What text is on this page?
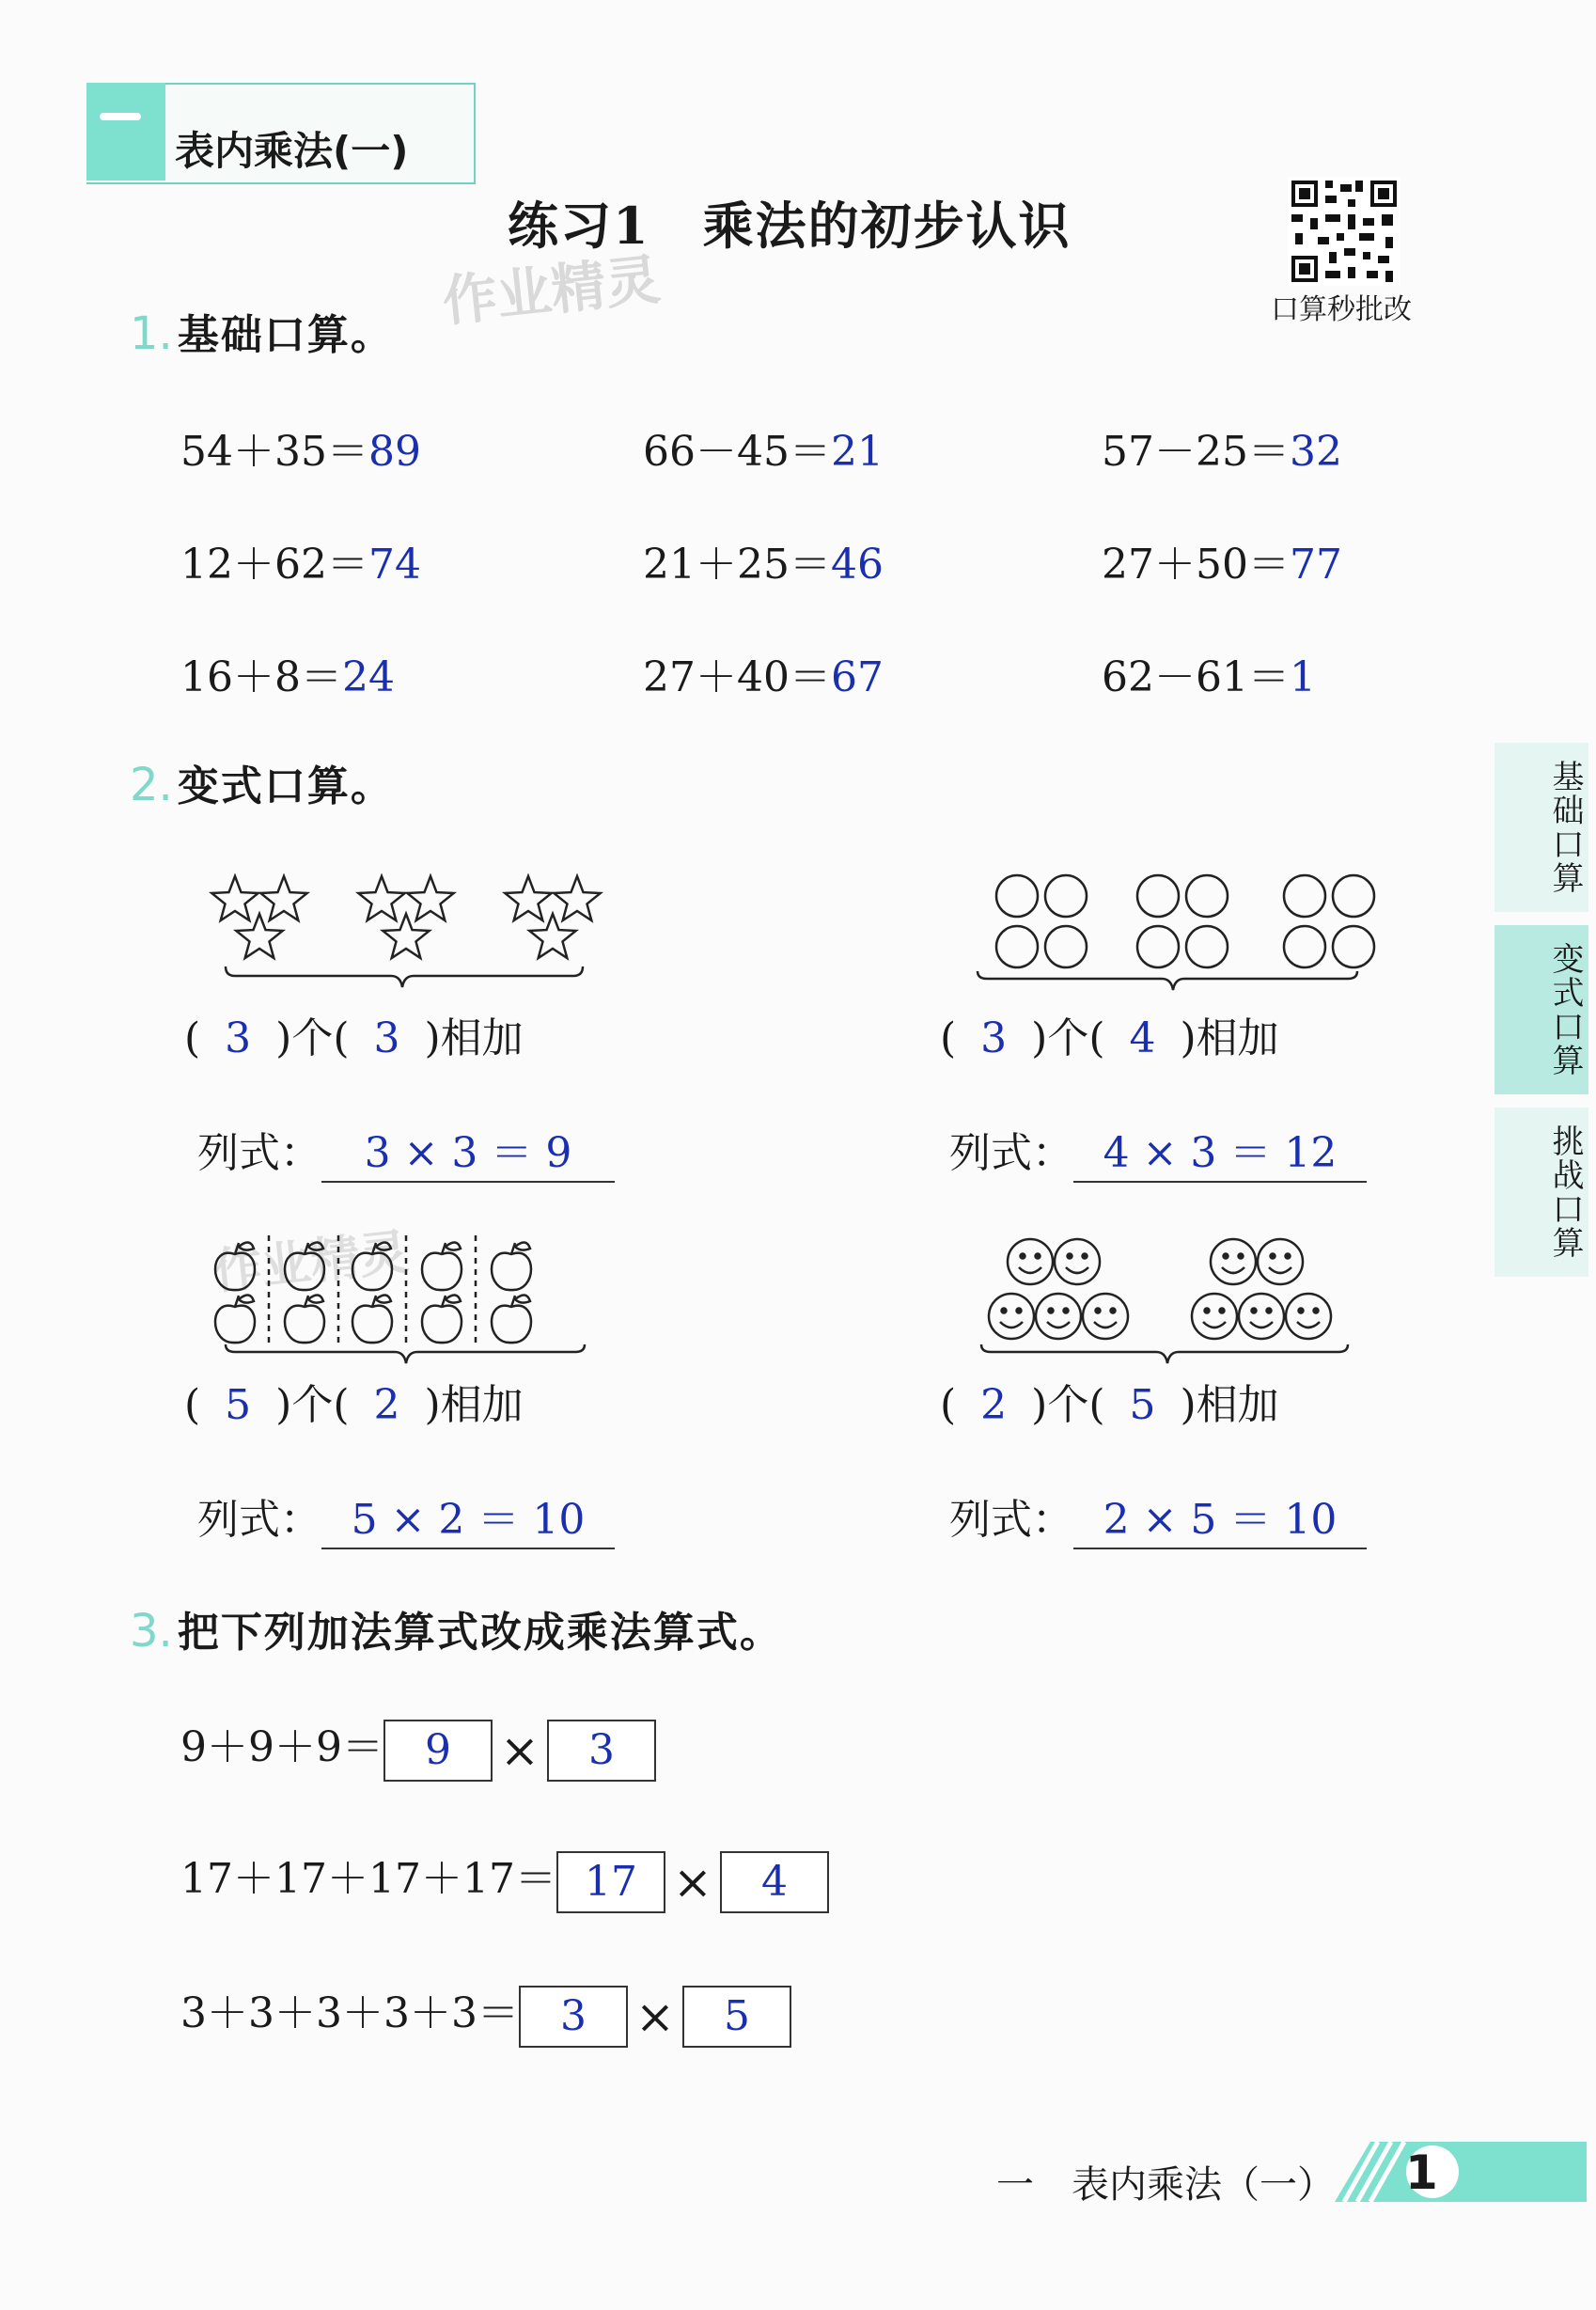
作业精灵
作业精灵
表内乘法(一)
练习1　乘法的初步认识
口算秒批改
1. 基础口算。
54＋35＝89	66－45＝21	57－25＝32
12＋62＝74	21＋25＝46	27＋50＝77
16＋8＝24	27＋40＝67	62－61＝1
2. 变式口算。
( 3 )个( 3 )相加	( 3 )个( 4 )相加
列式： 3 × 3 ＝ 9	列式： 4 × 3 ＝ 12
( 5 )个( 2 )相加	( 2 )个( 5 )相加
列式： 5 × 2 ＝ 10	列式： 2 × 5 ＝ 10
3. 把下列加法算式改成乘法算式。
9＋9＋9＝ 9 × 3
17＋17＋17＋17＝ 17 × 4
3＋3＋3＋3＋3＝ 3 × 5
基础口算
变式口算
挑战口算
一　表内乘法（一） 1
